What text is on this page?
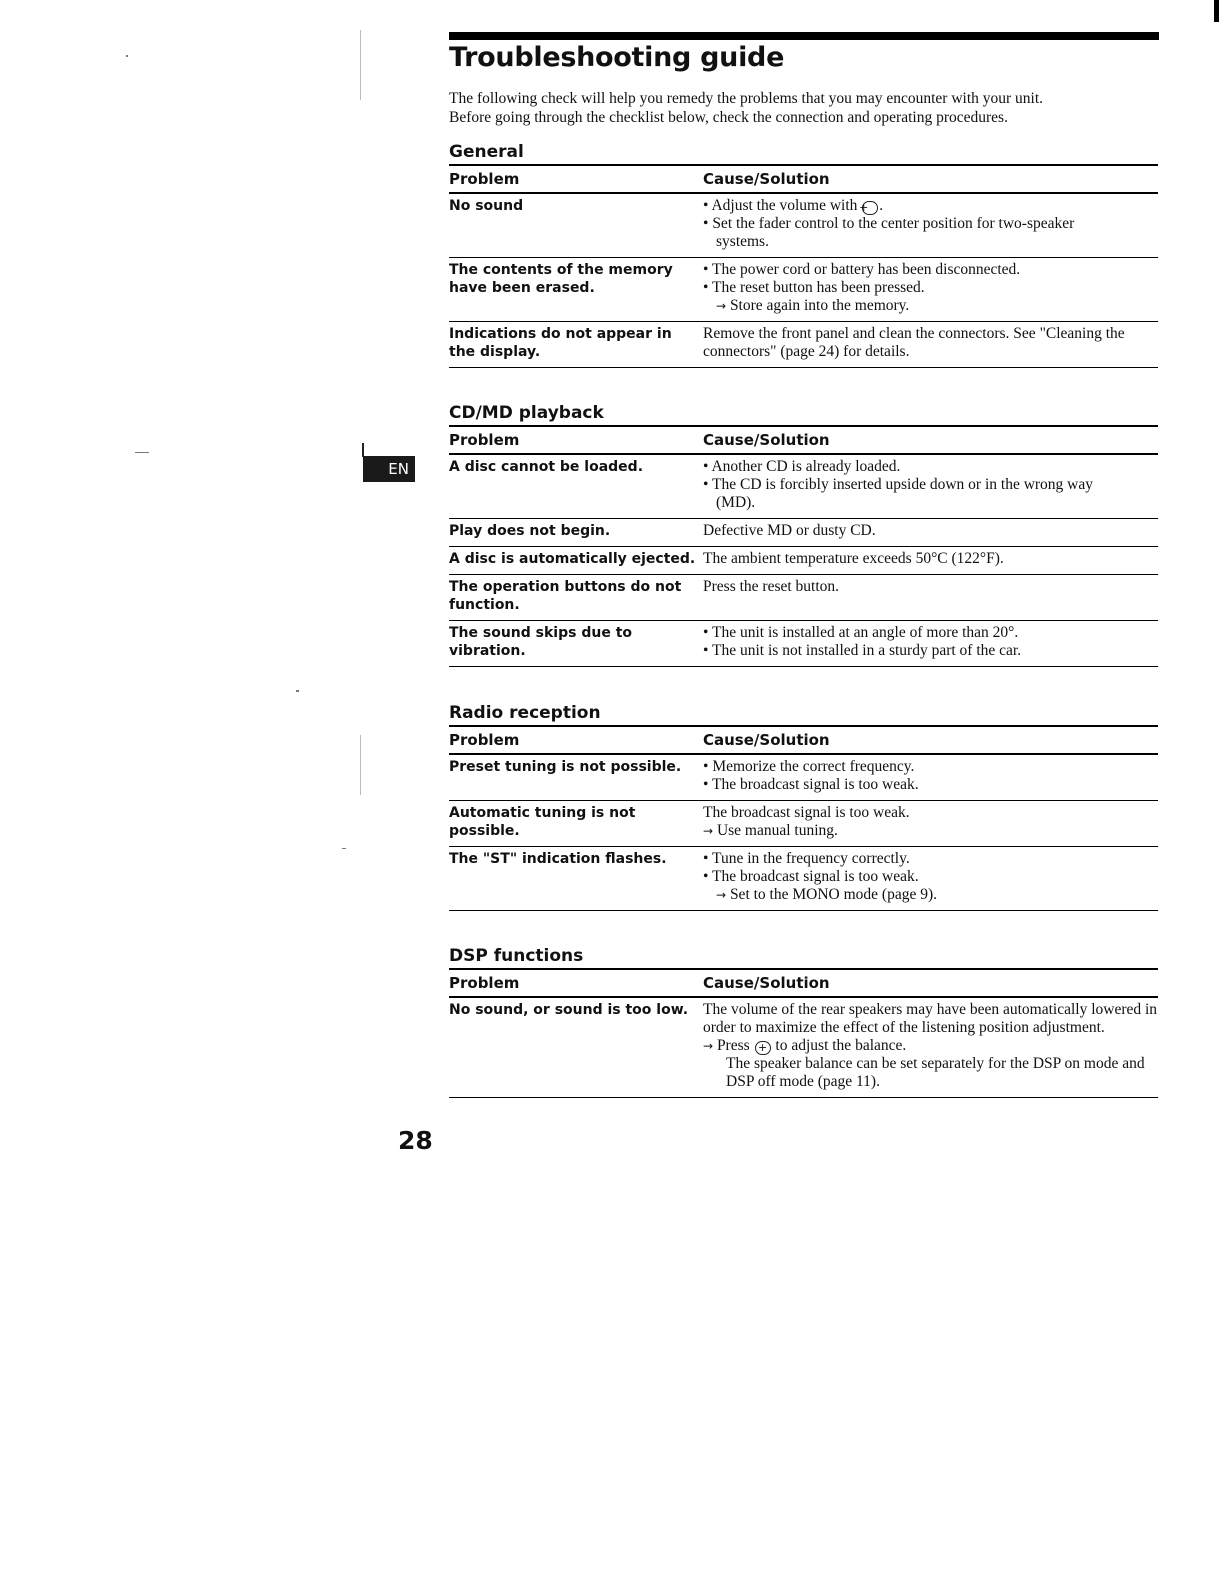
Troubleshooting guide

The following check will help you remedy the problems that you may encounter with your unit.

Before going through the checklist below, check the connection and operating procedures.

EN
General
Problem	Cause/Solution
No sound	• Adjust the volume with + .
• Set the fader control to the center position for two-speaker
systems.

The contents of the memory have been erased.	• The power cord or battery has been disconnected.
• The reset button has been pressed.
→ Store again into the memory.

Indications do not appear in the display.	Remove the front panel and clean the connectors. See "Cleaning the connectors" (page 24) for details.
CD/MD playback
Problem	Cause/Solution
A disc cannot be loaded.	• Another CD is already loaded.
• The CD is forcibly inserted upside down or in the wrong way
(MD).

Play does not begin.	Defective MD or dusty CD.

A disc is automatically ejected.	The ambient temperature exceeds 50°C (122°F).

The operation buttons do not function.	Press the reset button.

The sound skips due to vibration.	• The unit is installed at an angle of more than 20°.
• The unit is not installed in a sturdy part of the car.
Radio reception
Problem	Cause/Solution
Preset tuning is not possible.	• Memorize the correct frequency.
• The broadcast signal is too weak.

Automatic tuning is not possible.	The broadcast signal is too weak.
→ Use manual tuning.

The "ST" indication flashes.	• Tune in the frequency correctly.
• The broadcast signal is too weak.
→ Set to the MONO mode (page 9).
DSP functions
Problem	Cause/Solution
No sound, or sound is too low.	The volume of the rear speakers may have been automatically lowered in order to maximize the effect of the listening position adjustment.
→ Press + to adjust the balance.
The speaker balance can be set separately for the DSP on mode and DSP off mode (page 11).
28
